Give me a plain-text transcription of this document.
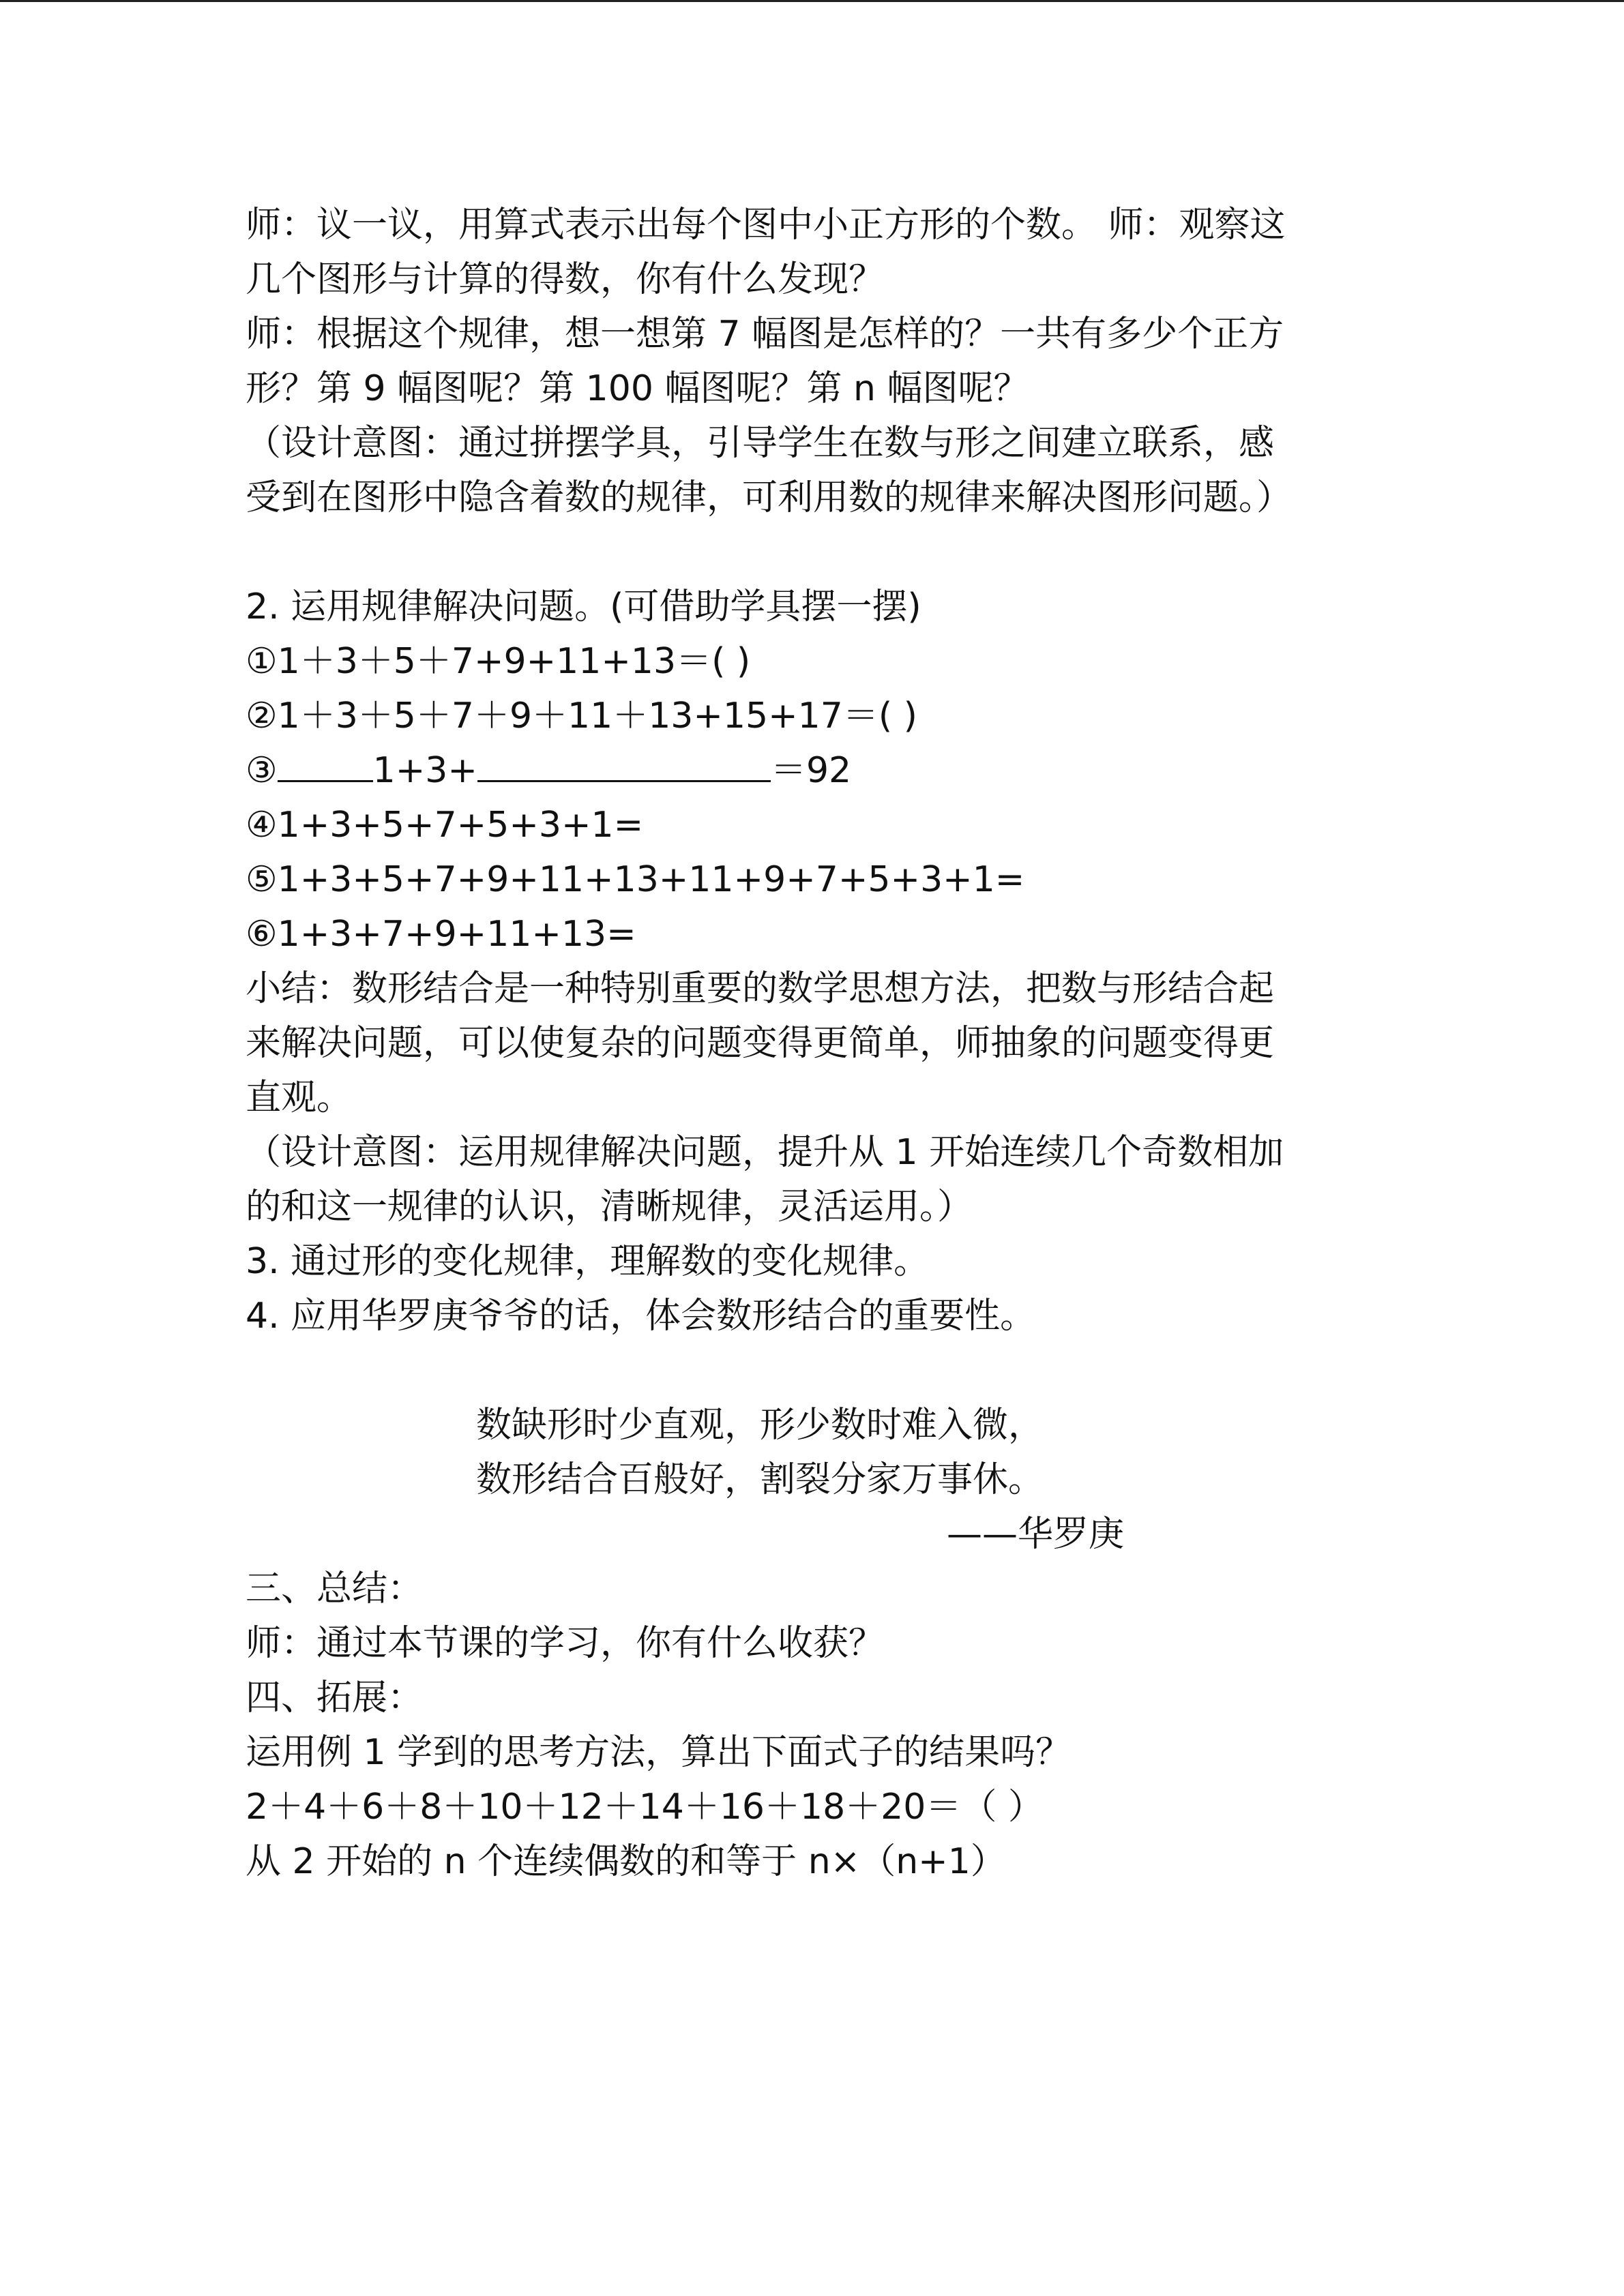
师：议一议，用算式表示出每个图中小正方形的个数。 师：观察这
几个图形与计算的得数，你有什么发现？
师：根据这个规律，想一想第 7 幅图是怎样的？一共有多少个正方
形？第 9 幅图呢？第 100 幅图呢？第 n 幅图呢？
（设计意图：通过拼摆学具，引导学生在数与形之间建立联系，感
受到在图形中隐含着数的规律，可利用数的规律来解决图形问题。）
2. 运用规律解决问题。(可借助学具摆一摆)
①1＋3＋5＋7+9+11+13＝( )
②1＋3＋5＋7＋9＋11＋13+15+17＝( )
③	1+3+	＝92
④1+3+5+7+5+3+1=
⑤1+3+5+7+9+11+13+11+9+7+5+3+1=
⑥1+3+7+9+11+13=
小结：数形结合是一种特别重要的数学思想方法，把数与形结合起
来解决问题，可以使复杂的问题变得更简单，师抽象的问题变得更
直观。
（设计意图：运用规律解决问题，提升从 1 开始连续几个奇数相加
的和这一规律的认识，清晰规律，灵活运用。）
3. 通过形的变化规律，理解数的变化规律。
4. 应用华罗庚爷爷的话，体会数形结合的重要性。
数缺形时少直观，形少数时难入微，
数形结合百般好，割裂分家万事休。
——华罗庚
三、总结：
师：通过本节课的学习，你有什么收获？
四、拓展：
运用例 1 学到的思考方法，算出下面式子的结果吗？
2＋4＋6＋8＋10＋12＋14＋16＋18＋20＝（ ）
从 2 开始的 n 个连续偶数的和等于 n×（n+1）
